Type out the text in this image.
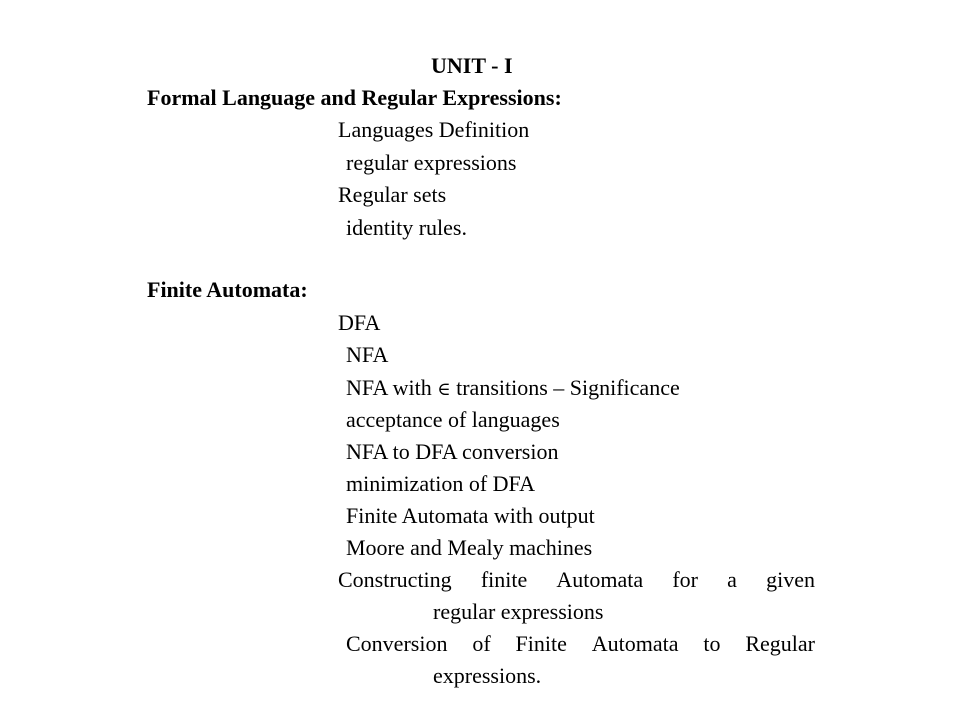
UNIT - I
Formal Language and Regular Expressions:
Languages Definition
regular expressions
Regular sets
identity rules.
Finite Automata:
DFA
NFA
NFA with ∈ transitions – Significance
acceptance of languages
NFA to DFA conversion
minimization of DFA
Finite Automata with output
Moore and Mealy machines
Constructing finite Automata for a given
regular expressions
Conversion of Finite Automata to Regular
expressions.
